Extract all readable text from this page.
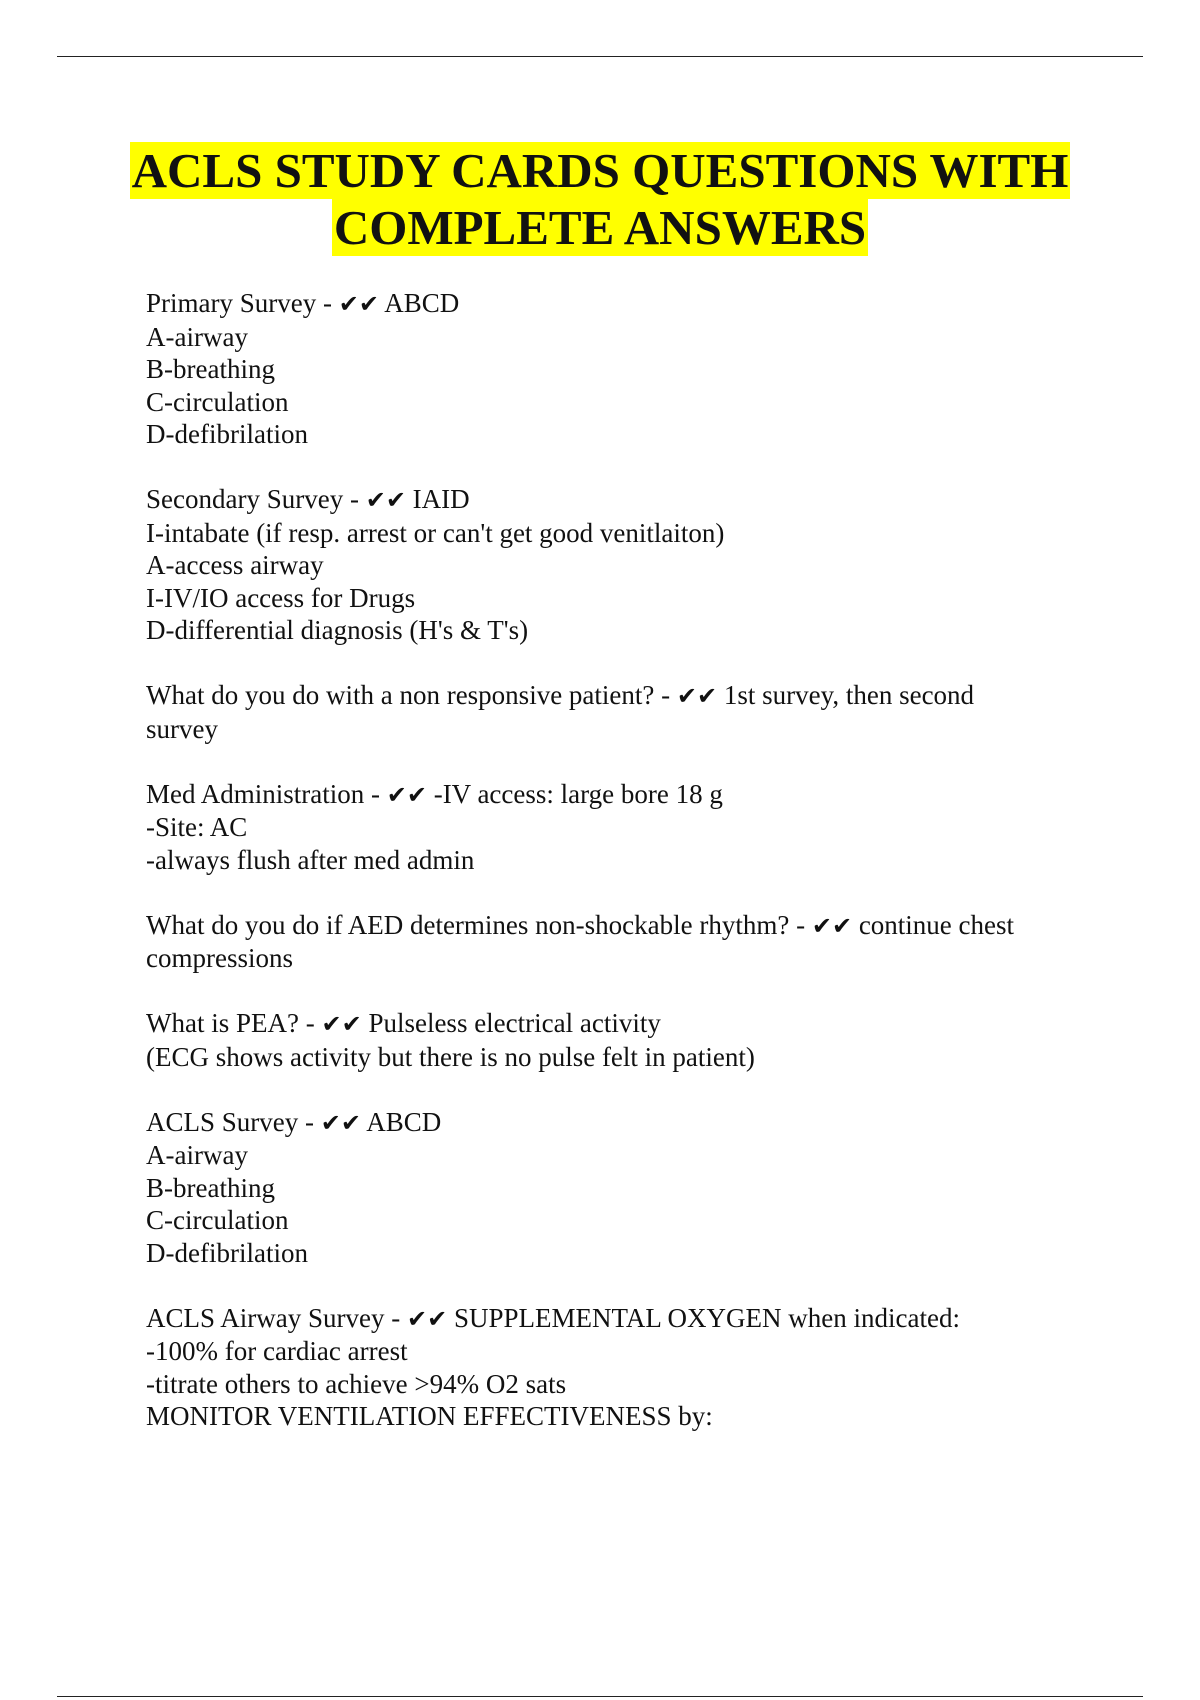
ACLS STUDY CARDS QUESTIONS WITH
COMPLETE ANSWERS
Primary Survey - ✔✔ ABCD
A-airway
B-breathing
C-circulation
D-defibrilation
Secondary Survey - ✔✔ IAID
I-intabate (if resp. arrest or can't get good venitlaiton)
A-access airway
I-IV/IO access for Drugs
D-differential diagnosis (H's & T's)
What do you do with a non responsive patient? - ✔✔ 1st survey, then second
survey
Med Administration - ✔✔ -IV access: large bore 18 g
-Site: AC
-always flush after med admin
What do you do if AED determines non-shockable rhythm? - ✔✔ continue chest
compressions
What is PEA? - ✔✔ Pulseless electrical activity
(ECG shows activity but there is no pulse felt in patient)
ACLS Survey - ✔✔ ABCD
A-airway
B-breathing
C-circulation
D-defibrilation
ACLS Airway Survey - ✔✔ SUPPLEMENTAL OXYGEN when indicated:
-100% for cardiac arrest
-titrate others to achieve >94% O2 sats
MONITOR VENTILATION EFFECTIVENESS by:
